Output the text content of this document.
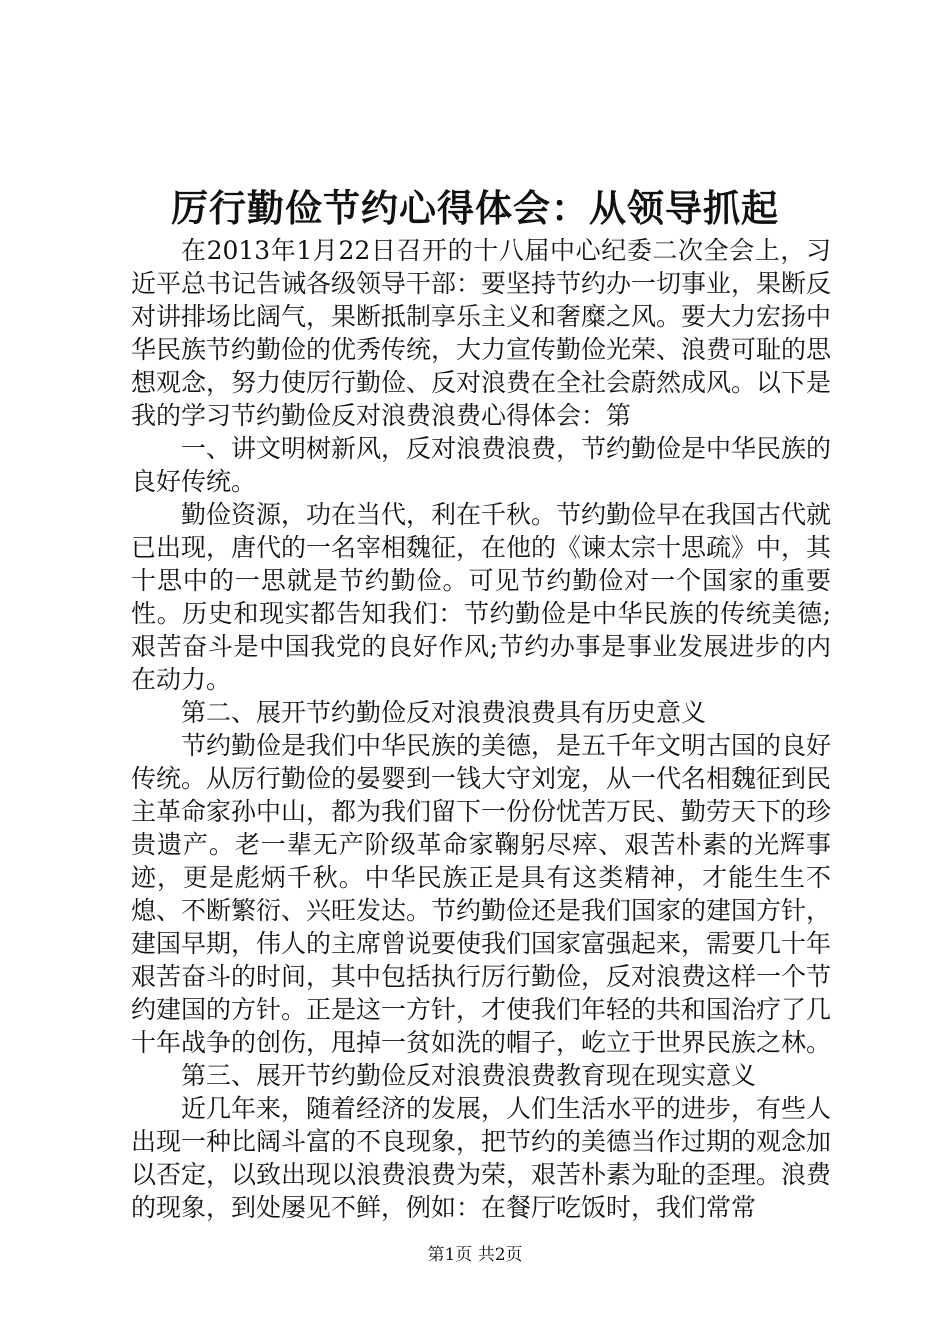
厉行勤俭节约心得体会：从领导抓起

在2013年1月22日召开的十八届中心纪委二次全会上，习近平总书记告诫各级领导干部：要坚持节约办一切事业，果断反对讲排场比阔气，果断抵制享乐主义和奢糜之风。要大力宏扬中华民族节约勤俭的优秀传统，大力宣传勤俭光荣、浪费可耻的思想观念，努力使厉行勤俭、反对浪费在全社会蔚然成风。以下是我的学习节约勤俭反对浪费浪费心得体会：第

一、讲文明树新风，反对浪费浪费，节约勤俭是中华民族的良好传统。

勤俭资源，功在当代，利在千秋。节约勤俭早在我国古代就已出现，唐代的一名宰相魏征，在他的《谏太宗十思疏》中，其十思中的一思就是节约勤俭。可见节约勤俭对一个国家的重要性。历史和现实都告知我们：节约勤俭是中华民族的传统美德;艰苦奋斗是中国我党的良好作风;节约办事是事业发展进步的内在动力。

第二、展开节约勤俭反对浪费浪费具有历史意义

节约勤俭是我们中华民族的美德，是五千年文明古国的良好传统。从厉行勤俭的晏婴到一钱大守刘宠，从一代名相魏征到民主革命家孙中山，都为我们留下一份份忧苦万民、勤劳天下的珍贵遗产。老一辈无产阶级革命家鞠躬尽瘁、艰苦朴素的光辉事迹，更是彪炳千秋。中华民族正是具有这类精神，才能生生不熄、不断繁衍、兴旺发达。节约勤俭还是我们国家的建国方针，建国早期，伟人的主席曾说要使我们国家富强起来，需要几十年艰苦奋斗的时间，其中包括执行厉行勤俭，反对浪费这样一个节约建国的方针。正是这一方针，才使我们年轻的共和国治疗了几十年战争的创伤，甩掉一贫如洗的帽子，屹立于世界民族之林。

第三、展开节约勤俭反对浪费浪费教育现在现实意义

近几年来，随着经济的发展，人们生活水平的进步，有些人出现一种比阔斗富的不良现象，把节约的美德当作过期的观念加以否定，以致出现以浪费浪费为荣，艰苦朴素为耻的歪理。浪费的现象，到处屡见不鲜，例如：在餐厅吃饭时，我们常常

第1页 共2页
